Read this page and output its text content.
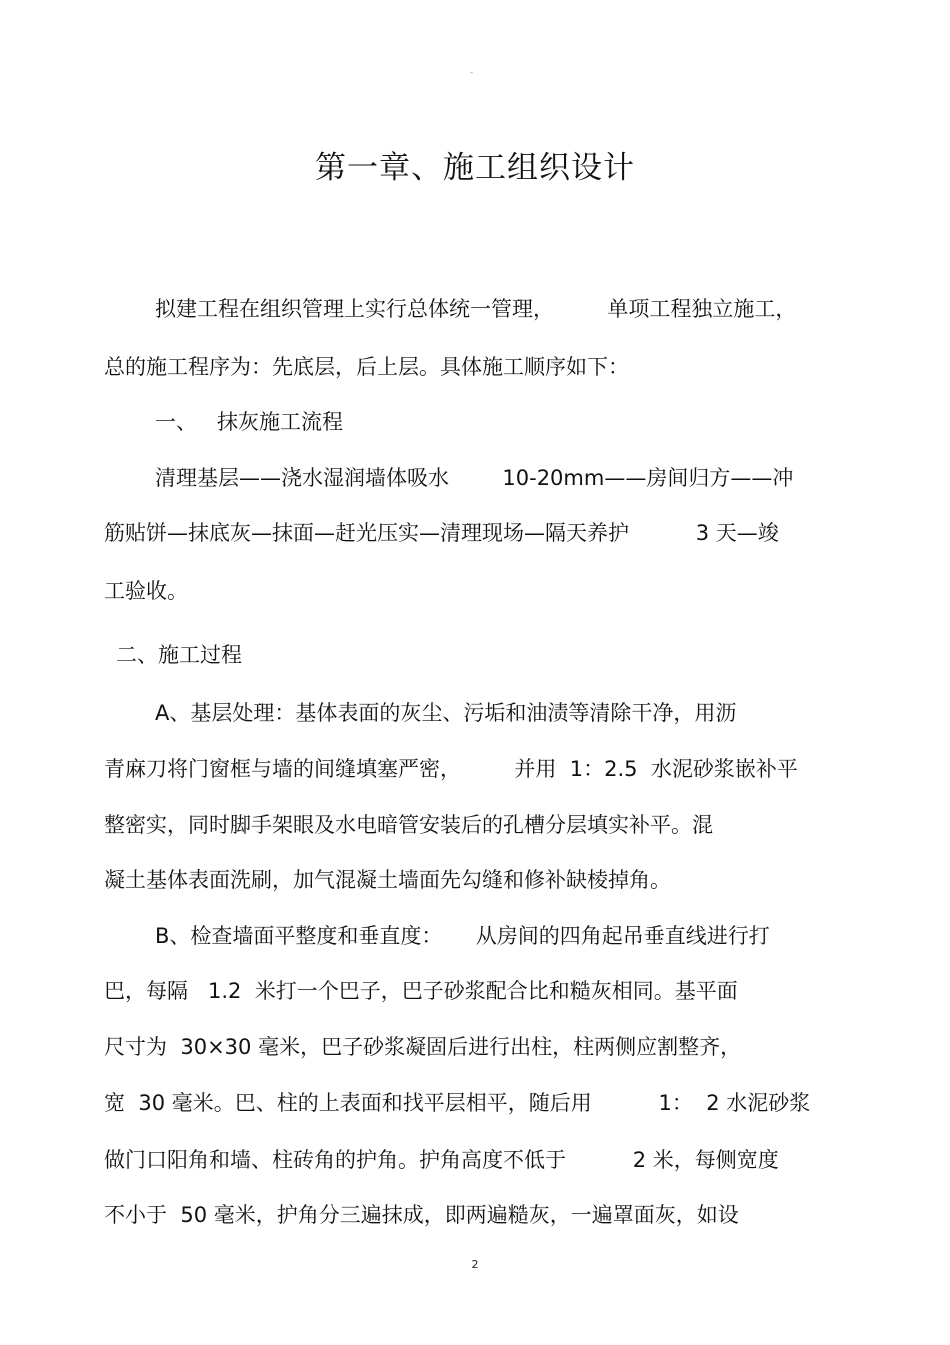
-
第一章、施工组织设计
拟建工程在组织管理上实行总体统一管理，        单项工程独立施工，
总的施工程序为：先底层，后上层。具体施工顺序如下：
一、   抹灰施工流程
清理基层——浇水湿润墙体吸水        10-20mm——房间归方——冲
筋贴饼—抹底灰—抹面—赶光压实—清理现场—隔天养护          3 天—竣
工验收。
二、施工过程
A、基层处理：基体表面的灰尘、污垢和油渍等清除干净，用沥
青麻刀将门窗框与墙的间缝填塞严密，        并用  1：2.5  水泥砂浆嵌补平
整密实，同时脚手架眼及水电暗管安装后的孔槽分层填实补平。混
凝土基体表面洗刷，加气混凝土墙面先勾缝和修补缺棱掉角。
B、检查墙面平整度和垂直度：     从房间的四角起吊垂直线进行打
巴，每隔   1.2  米打一个巴子，巴子砂浆配合比和糙灰相同。基平面
尺寸为  30×30 毫米，巴子砂浆凝固后进行出柱，柱两侧应割整齐，
宽  30 毫米。巴、柱的上表面和找平层相平，随后用          1：  2 水泥砂浆
做门口阳角和墙、柱砖角的护角。护角高度不低于          2 米，每侧宽度
不小于  50 毫米，护角分三遍抹成，即两遍糙灰，一遍罩面灰，如设
2
